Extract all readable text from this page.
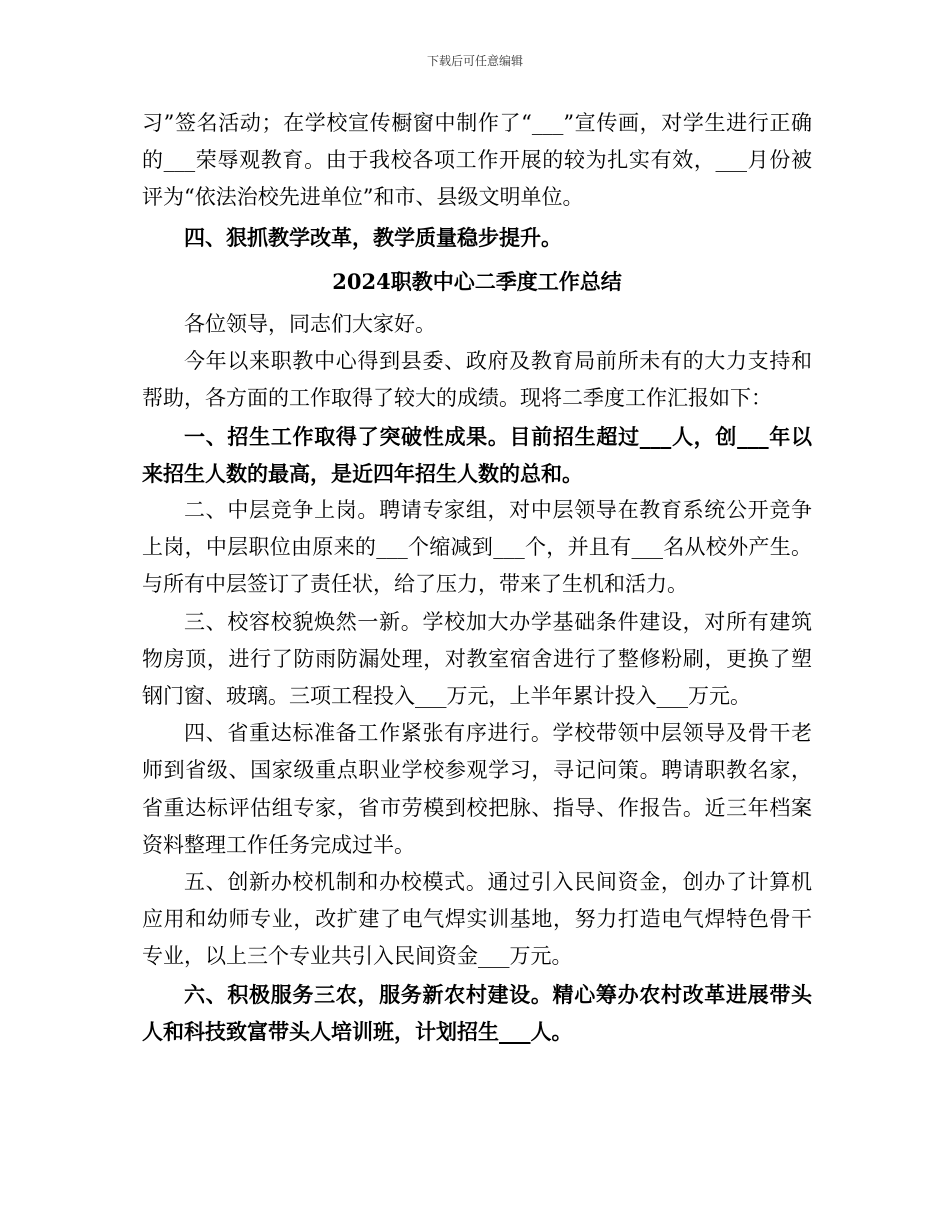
下载后可任意编辑

习”签名活动；在学校宣传橱窗中制作了“___”宣传画，对学生进行正确的___荣辱观教育。由于我校各项工作开展的较为扎实有效，___月份被评为“依法治校先进单位”和市、县级文明单位。

四、狠抓教学改革，教学质量稳步提升。

2024职教中心二季度工作总结

各位领导，同志们大家好。

今年以来职教中心得到县委、政府及教育局前所未有的大力支持和帮助，各方面的工作取得了较大的成绩。现将二季度工作汇报如下：

一、招生工作取得了突破性成果。目前招生超过___人，创___年以来招生人数的最高，是近四年招生人数的总和。

二、中层竞争上岗。聘请专家组，对中层领导在教育系统公开竞争上岗，中层职位由原来的___个缩减到___个，并且有___名从校外产生。与所有中层签订了责任状，给了压力，带来了生机和活力。

三、校容校貌焕然一新。学校加大办学基础条件建设，对所有建筑物房顶，进行了防雨防漏处理，对教室宿舍进行了整修粉刷，更换了塑钢门窗、玻璃。三项工程投入___万元，上半年累计投入___万元。

四、省重达标准备工作紧张有序进行。学校带领中层领导及骨干老师到省级、国家级重点职业学校参观学习，寻记问策。聘请职教名家，省重达标评估组专家，省市劳模到校把脉、指导、作报告。近三年档案资料整理工作任务完成过半。

五、创新办校机制和办校模式。通过引入民间资金，创办了计算机应用和幼师专业，改扩建了电气焊实训基地，努力打造电气焊特色骨干专业，以上三个专业共引入民间资金___万元。

六、积极服务三农，服务新农村建设。精心筹办农村改革进展带头人和科技致富带头人培训班，计划招生___人。
